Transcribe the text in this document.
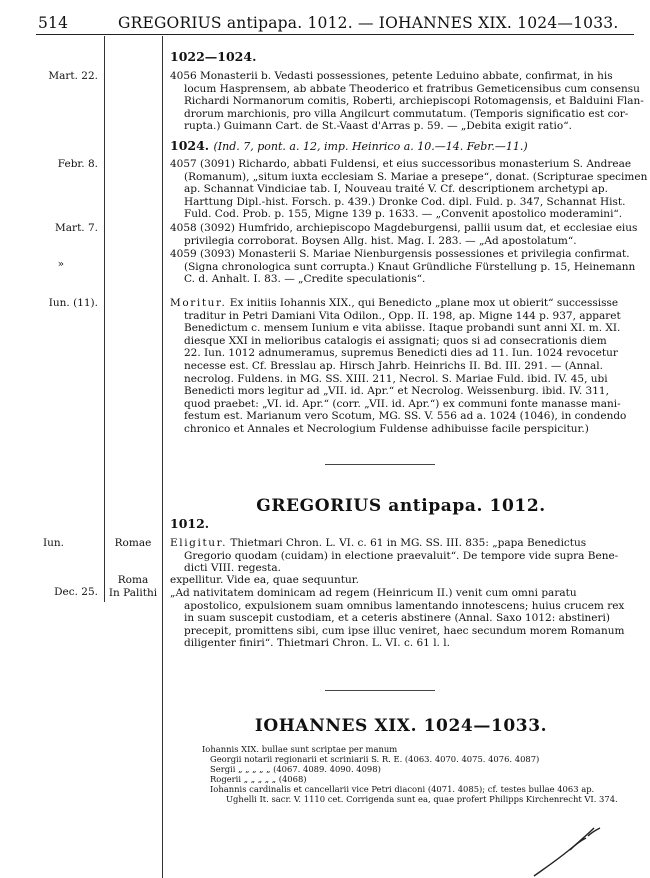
514	GREGORIUS antipapa. 1012. — IOHANNES XIX. 1024—1033.
Mart. 22.
Febr. 8.
Mart. 7.
»
Iun. (11).
Iun.
Dec. 25.
Romae
Roma
In Palithi
1022—1024.
4056 Monasterii b. Vedasti possessiones, petente Leduino abbate, confirmat, in his
locum Hasprensem, ab abbate Theoderico et fratribus Gemeticensibus cum consensu
Richardi Normanorum comitis, Roberti, archiepiscopi Rotomagensis, et Balduini Flan-
drorum marchionis, pro villa Angilcurt commutatum. (Temporis significatio est cor-
rupta.) Guimann Cart. de St.-Vaast d'Arras p. 59. — „Debita exigit ratio“.
1024. (Ind. 7, pont. a. 12, imp. Heinrico a. 10.—14. Febr.—11.)
4057 (3091) Richardo, abbati Fuldensi, et eius successoribus monasterium S. Andreae
(Romanum), „situm iuxta ecclesiam S. Mariae a presepe“, donat. (Scripturae specimen
ap. Schannat Vindiciae tab. I, Nouveau traité V. Cf. descriptionem archetypi ap.
Harttung Dipl.-hist. Forsch. p. 439.) Dronke Cod. dipl. Fuld. p. 347, Schannat Hist.
Fuld. Cod. Prob. p. 155, Migne 139 p. 1633. — „Convenit apostolico moderamini“.
4058 (3092) Humfrido, archiepiscopo Magdeburgensi, pallii usum dat, et ecclesiae eius
privilegia corroborat. Boysen Allg. hist. Mag. I. 283. — „Ad apostolatum“.
4059 (3093) Monasterii S. Mariae Nienburgensis possessiones et privilegia confirmat.
(Signa chronologica sunt corrupta.) Knaut Gründliche Fürstellung p. 15, Heinemann
C. d. Anhalt. I. 83. — „Credite speculationis“.
Moritur. Ex initiis Iohannis XIX., qui Benedicto „plane mox ut obierit“ successisse
traditur in Petri Damiani Vita Odilon., Opp. II. 198, ap. Migne 144 p. 937, apparet
Benedictum c. mensem Iunium e vita abiisse. Itaque probandi sunt anni XI. m. XI.
diesque XXI in melioribus catalogis ei assignati; quos si ad consecrationis diem
22. Iun. 1012 adnumeramus, supremus Benedicti dies ad 11. Iun. 1024 revocetur
necesse est. Cf. Bresslau ap. Hirsch Jahrb. Heinrichs II. Bd. III. 291. — (Annal.
necrolog. Fuldens. in MG. SS. XIII. 211, Necrol. S. Mariae Fuld. ibid. IV. 45, ubi
Benedicti mors legitur ad „VII. id. Apr.“ et Necrolog. Weissenburg. ibid. IV. 311,
quod praebet: „VI. id. Apr.“ (corr. „VII. id. Apr.“) ex communi fonte manasse mani-
festum est. Marianum vero Scotum, MG. SS. V. 556 ad a. 1024 (1046), in condendo
chronico et Annales et Necrologium Fuldense adhibuisse facile perspicitur.)
GREGORIUS antipapa. 1012.
1012.
Eligitur. Thietmari Chron. L. VI. c. 61 in MG. SS. III. 835: „papa Benedictus
Gregorio quodam (cuidam) in electione praevaluit“. De tempore vide supra Bene-
dicti VIII. regesta.
expellitur. Vide ea, quae sequuntur.
„Ad nativitatem dominicam ad regem (Heinricum II.) venit cum omni paratu
apostolico, expulsionem suam omnibus lamentando innotescens; huius crucem rex
in suam suscepit custodiam, et a ceteris abstinere (Annal. Saxo 1012: abstineri)
precepit, promittens sibi, cum ipse illuc veniret, haec secundum morem Romanum
diligenter finiri“. Thietmari Chron. L. VI. c. 61 l. l.
IOHANNES XIX. 1024—1033.
Iohannis XIX. bullae sunt scriptae per manum
Georgii notarii regionarii et scriniarii S. R. E. (4063. 4070. 4075. 4076. 4087)
Sergii „ „ „ „ „ (4067. 4089. 4090. 4098)
Rogerii „ „ „ „ „ (4068)
Iohannis cardinalis et cancellarii vice Petri diaconi (4071. 4085); cf. testes bullae 4063 ap.
Ughelli It. sacr. V. 1110 cet. Corrigenda sunt ea, quae profert Philipps Kirchenrecht VI. 374.
